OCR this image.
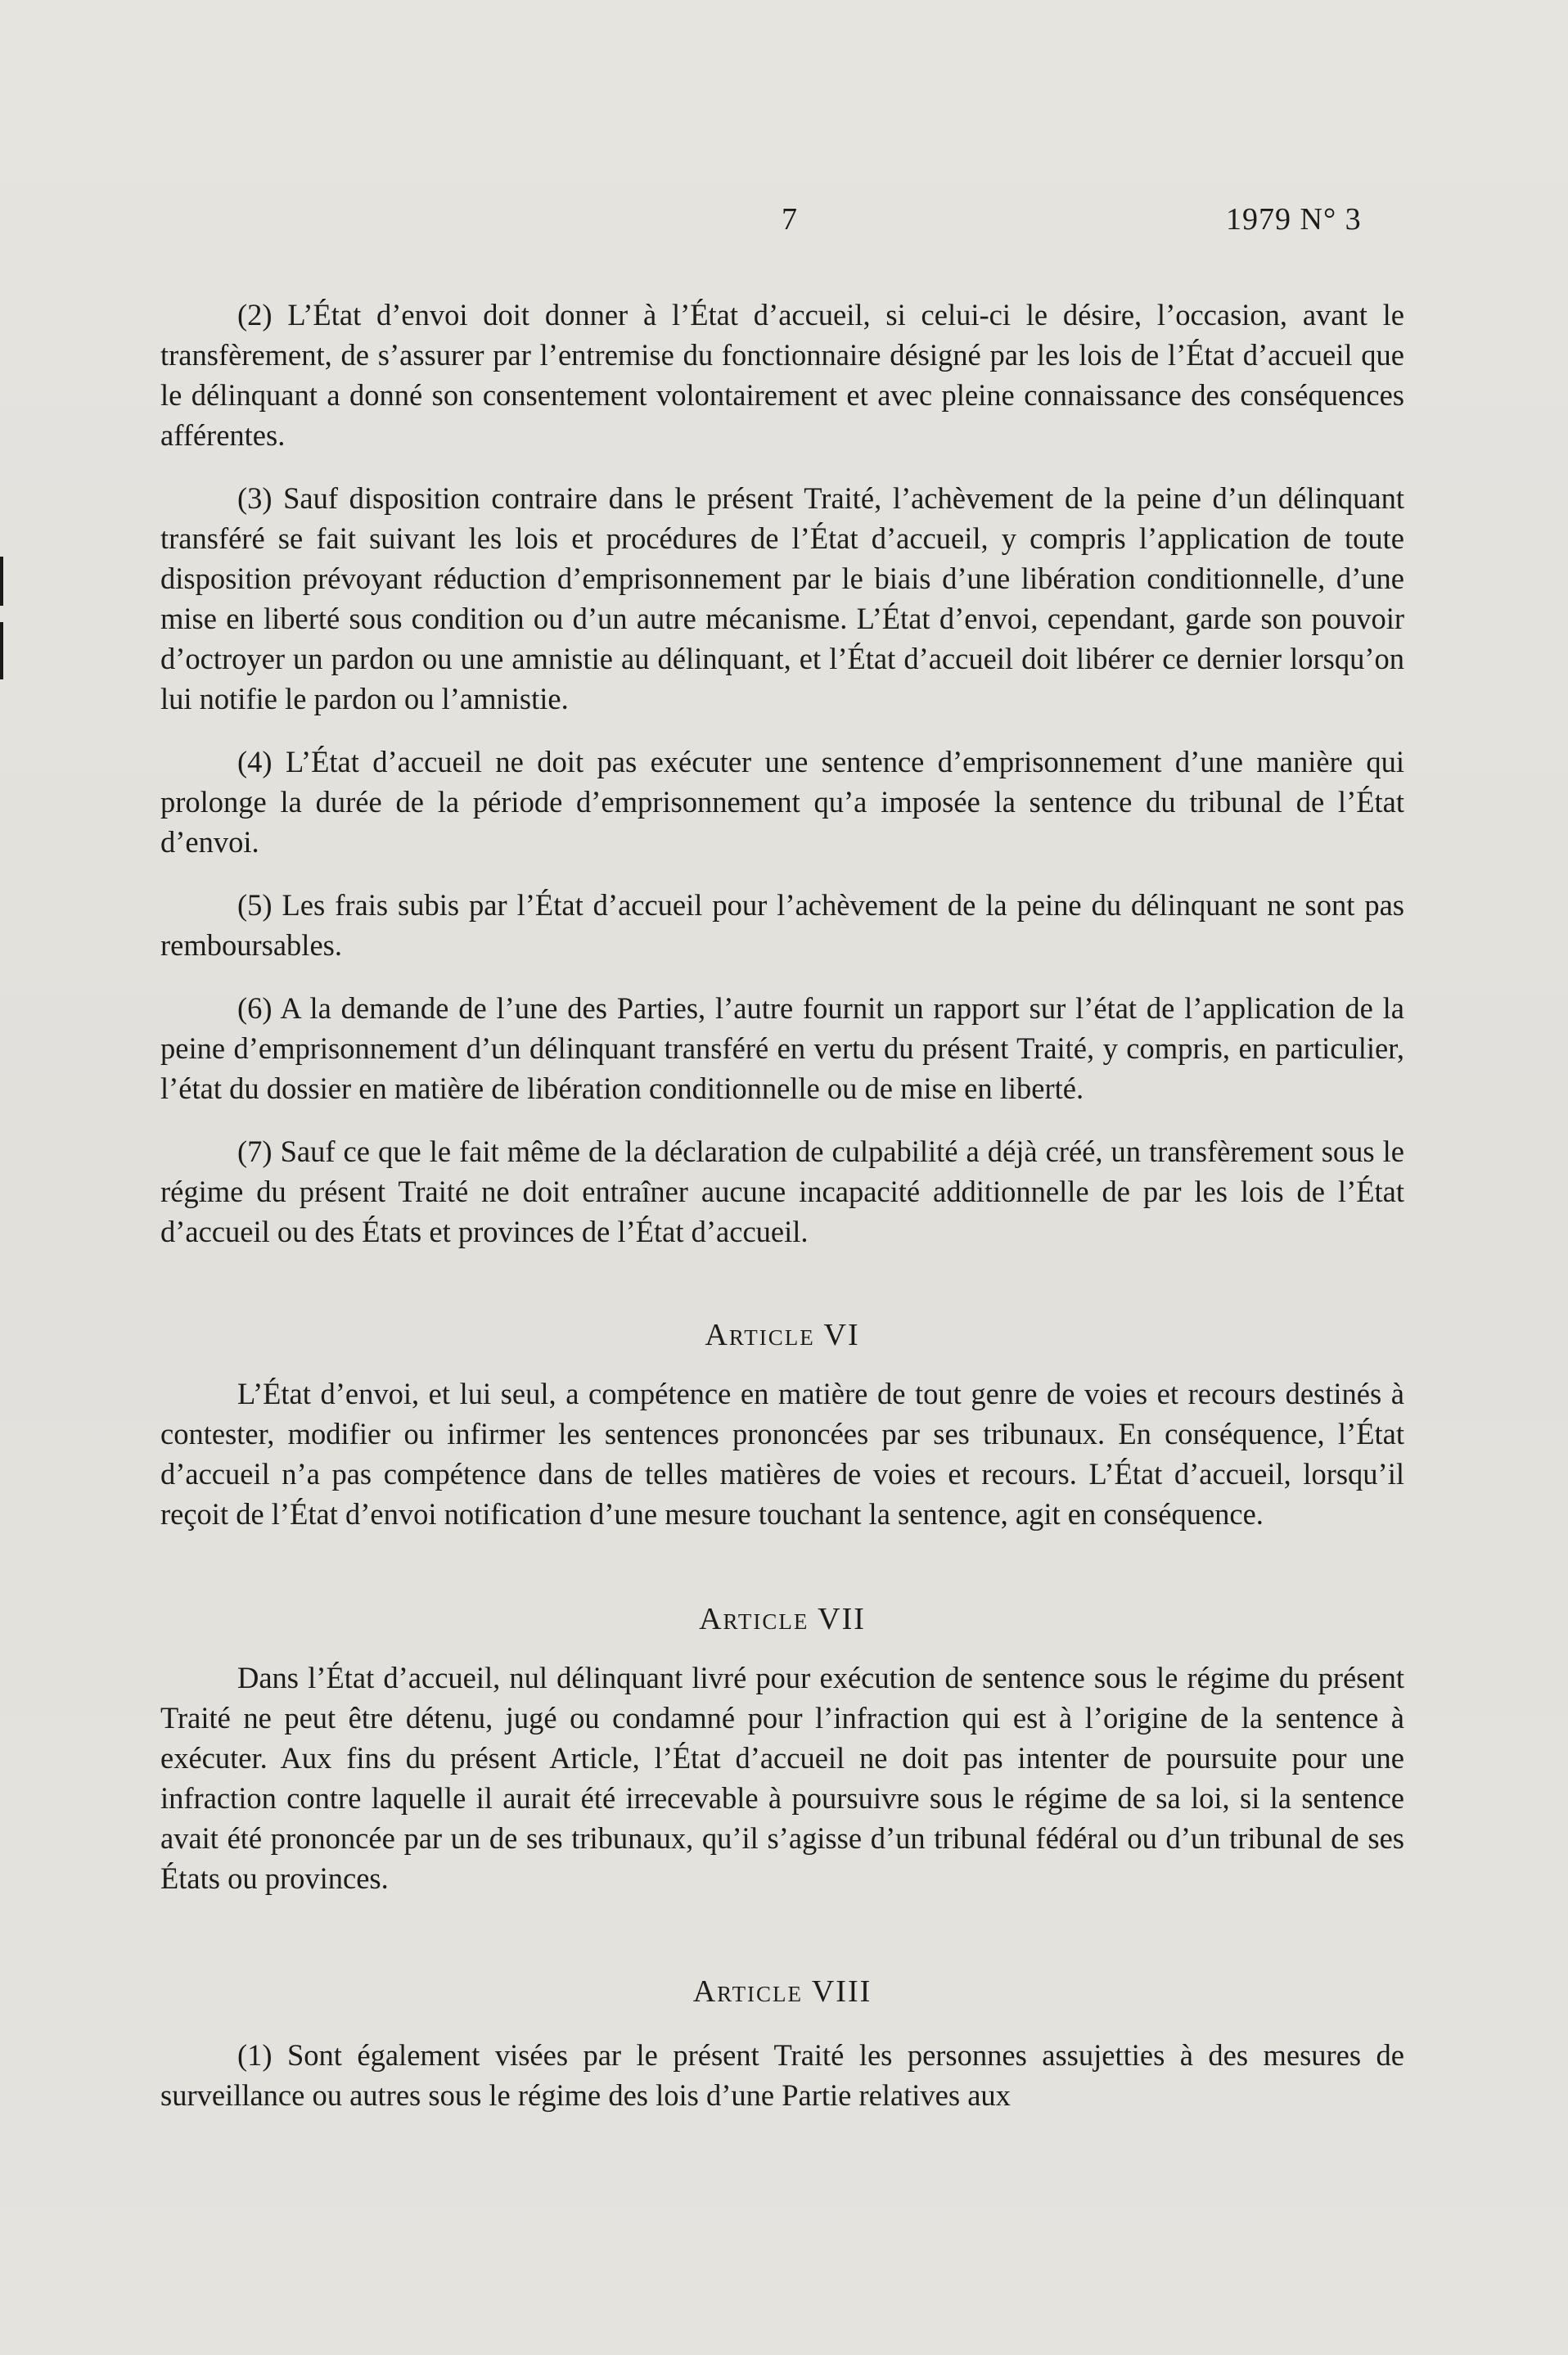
7	1979 N° 3

(2) L’État d’envoi doit donner à l’État d’accueil, si celui-ci le désire, l’occasion, avant le transfèrement, de s’assurer par l’entremise du fonctionnaire désigné par les lois de l’État d’accueil que le délinquant a donné son consentement volontairement et avec pleine connaissance des conséquences afférentes.

(3) Sauf disposition contraire dans le présent Traité, l’achèvement de la peine d’un délinquant transféré se fait suivant les lois et procédures de l’État d’accueil, y compris l’application de toute disposition prévoyant réduction d’emprisonnement par le biais d’une libération conditionnelle, d’une mise en liberté sous condition ou d’un autre mécanisme. L’État d’envoi, cependant, garde son pouvoir d’octroyer un pardon ou une amnistie au délinquant, et l’État d’accueil doit libérer ce dernier lorsqu’on lui notifie le pardon ou l’amnistie.

(4) L’État d’accueil ne doit pas exécuter une sentence d’emprisonnement d’une manière qui prolonge la durée de la période d’emprisonnement qu’a imposée la sentence du tribunal de l’État d’envoi.

(5) Les frais subis par l’État d’accueil pour l’achèvement de la peine du délinquant ne sont pas remboursables.

(6) A la demande de l’une des Parties, l’autre fournit un rapport sur l’état de l’application de la peine d’emprisonnement d’un délinquant transféré en vertu du présent Traité, y compris, en particulier, l’état du dossier en matière de libération conditionnelle ou de mise en liberté.

(7) Sauf ce que le fait même de la déclaration de culpabilité a déjà créé, un transfèrement sous le régime du présent Traité ne doit entraîner aucune incapacité additionnelle de par les lois de l’État d’accueil ou des États et provinces de l’État d’accueil.

Article VI

L’État d’envoi, et lui seul, a compétence en matière de tout genre de voies et recours destinés à contester, modifier ou infirmer les sentences prononcées par ses tribunaux. En conséquence, l’État d’accueil n’a pas compétence dans de telles matières de voies et recours. L’État d’accueil, lorsqu’il reçoit de l’État d’envoi notification d’une mesure touchant la sentence, agit en conséquence.

Article VII

Dans l’État d’accueil, nul délinquant livré pour exécution de sentence sous le régime du présent Traité ne peut être détenu, jugé ou condamné pour l’infraction qui est à l’origine de la sentence à exécuter. Aux fins du présent Article, l’État d’accueil ne doit pas intenter de poursuite pour une infraction contre laquelle il aurait été irrecevable à poursuivre sous le régime de sa loi, si la sentence avait été prononcée par un de ses tribunaux, qu’il s’agisse d’un tribunal fédéral ou d’un tribunal de ses États ou provinces.

Article VIII

(1) Sont également visées par le présent Traité les personnes assujetties à des mesures de surveillance ou autres sous le régime des lois d’une Partie relatives aux
